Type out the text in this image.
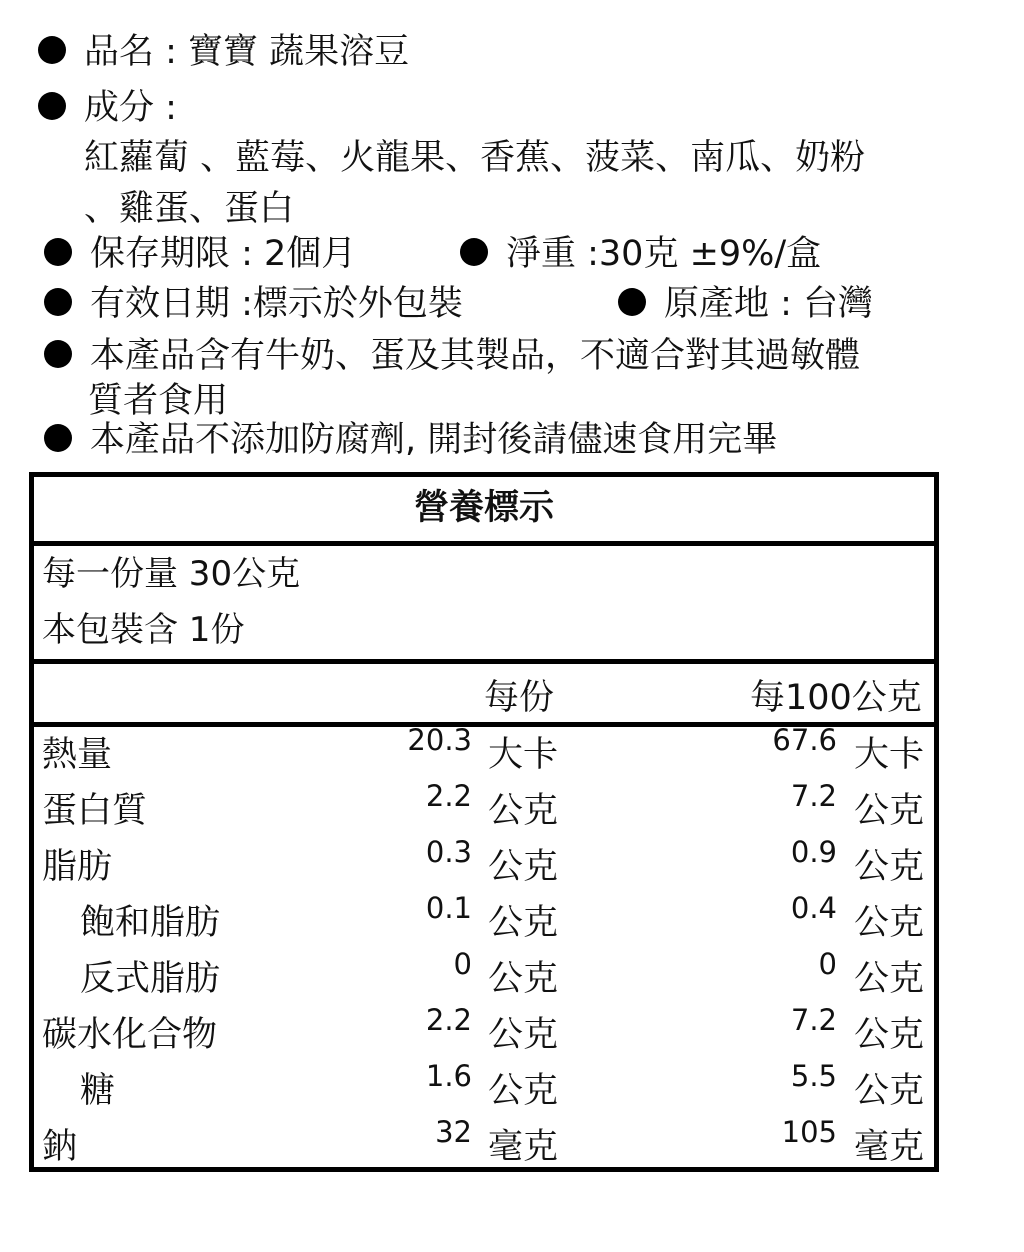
品名 : 寶寶 蔬果溶豆
成分 :
紅蘿蔔 、藍莓、火龍果、香蕉、菠菜、南瓜、奶粉
、雞蛋、蛋白
保存期限 : 2個月	淨重 :30克 ±9%/盒
有效日期 :標示於外包裝	原產地 : 台灣
本產品含有牛奶、蛋及其製品，不適合對其過敏體
質者食用
本產品不添加防腐劑, 開封後請儘速食用完畢
營養標示
每一份量 30公克
本包裝含 1份
每份	每100公克
熱量	20.3 大卡	67.6 大卡
蛋白質	2.2 公克	7.2 公克
脂肪	0.3 公克	0.9 公克
飽和脂肪	0.1 公克	0.4 公克
反式脂肪	0 公克	0 公克
碳水化合物	2.2 公克	7.2 公克
糖	1.6 公克	5.5 公克
鈉	32 毫克	105 毫克
